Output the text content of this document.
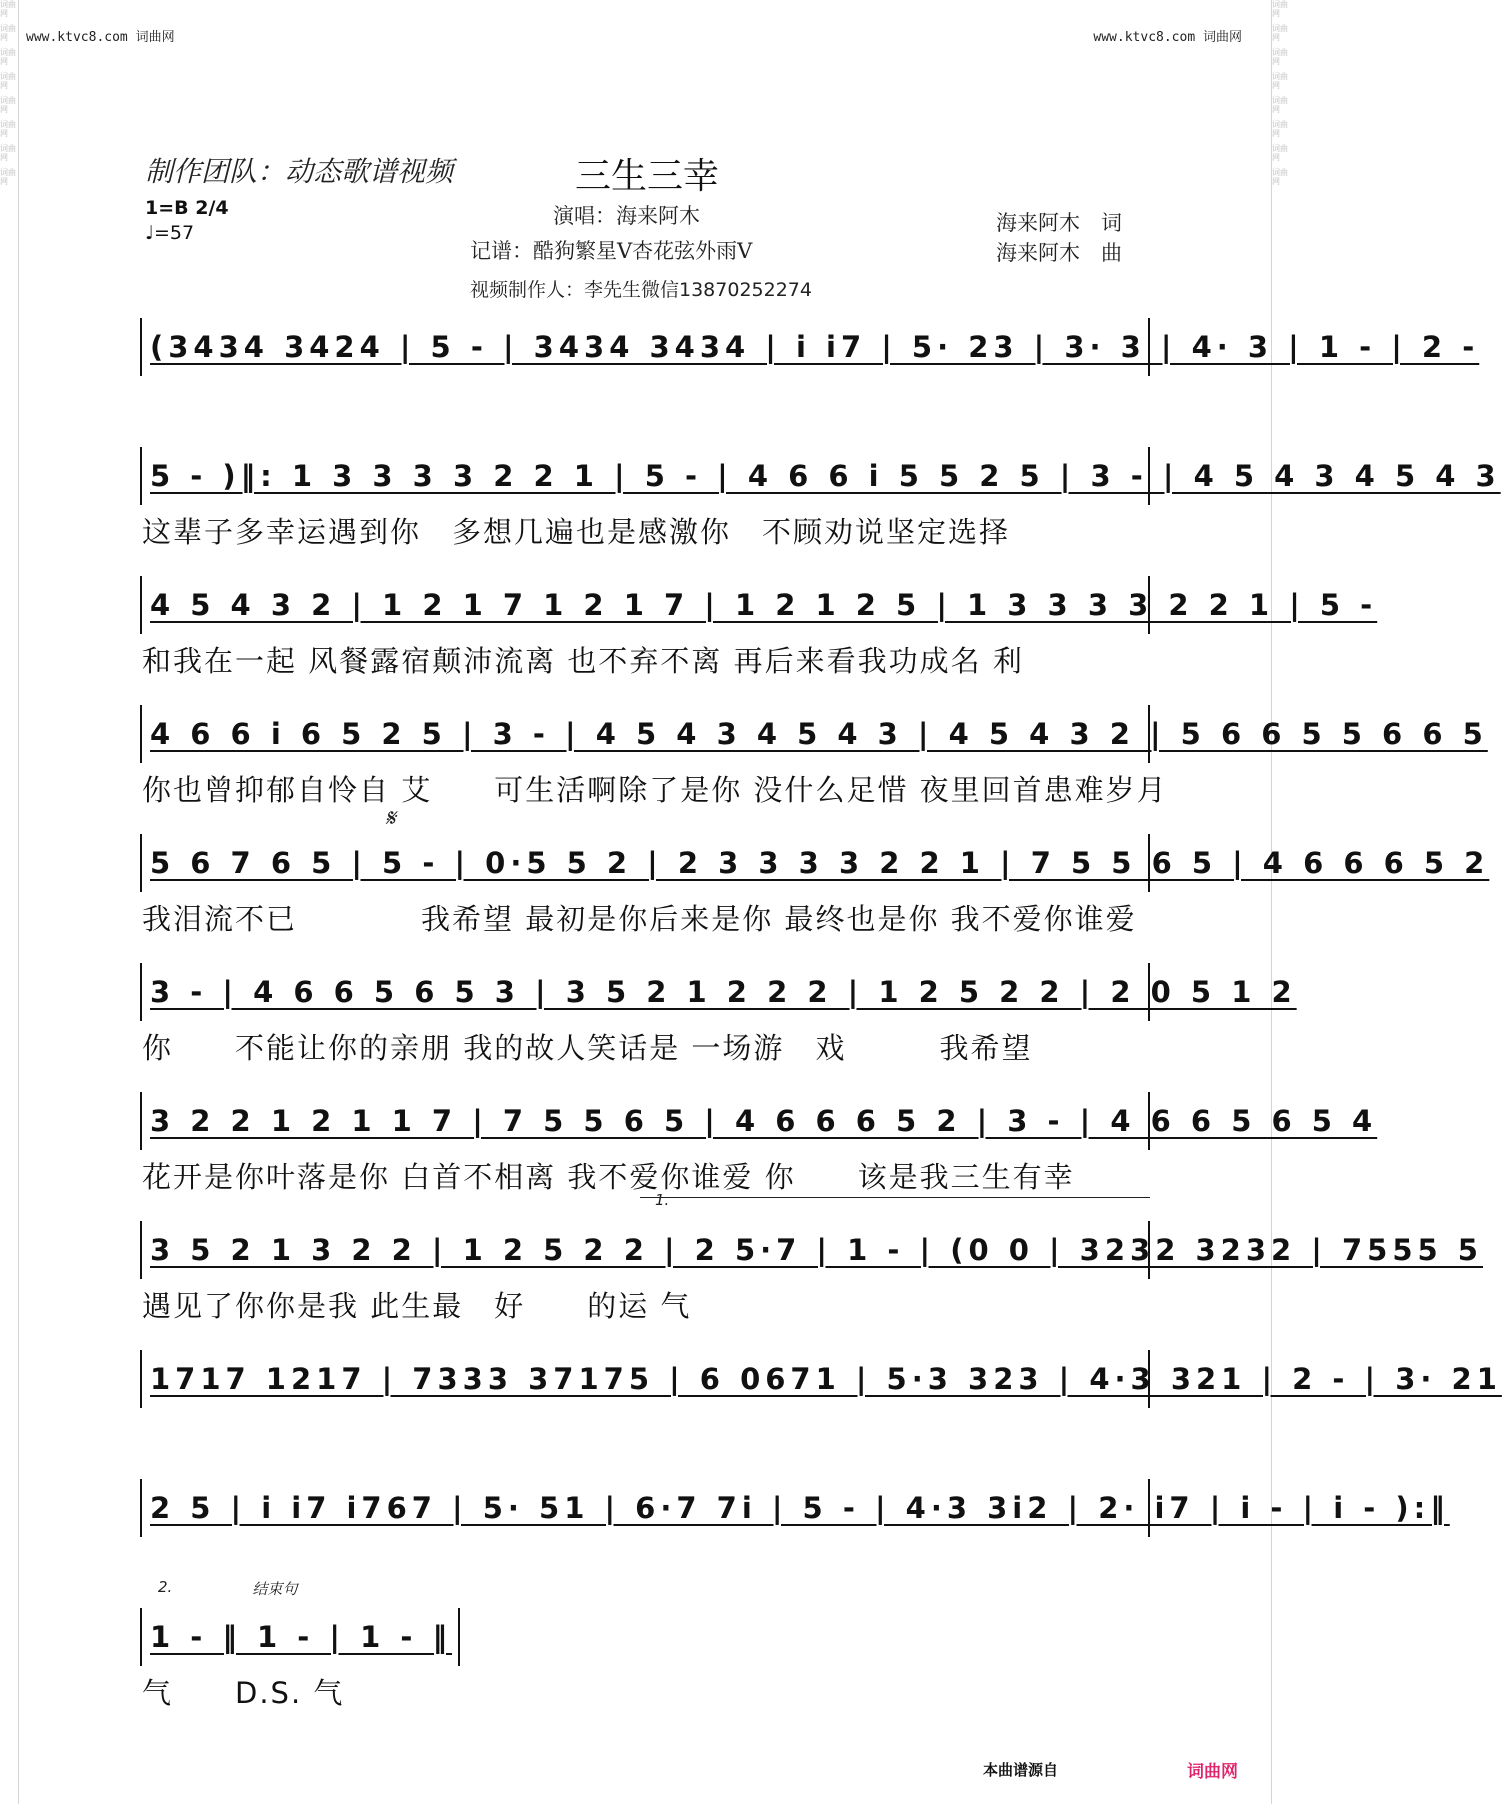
词曲网
词曲网
词曲网
词曲网
词曲网
词曲网
词曲网
词曲网
词曲网
词曲网
词曲网
词曲网
词曲网
词曲网
词曲网
词曲网
www.ktvc8.com 词曲网	www.ktvc8.com 词曲网
制作团队：动态歌谱视频	三生三幸
1=B 2/4
♩=57
演唱：海来阿木
记谱：酷狗繁星V杏花弦外雨V
视频制作人：李先生微信13870252274
海来阿木　词
海来阿木　曲
(3434 3424 | 5 - | 3434 3434 | i i7 | 5· 23 | 3· 3 | 4· 3 | 1 - | 2 -
5 - )‖: 1 3 3 3 3 2 2 1 | 5 - | 4 6 6 i 5 5 2 5 | 3 - | 4 5 4 3 4 5 4 3
这辈子多幸运遇到你　多想几遍也是感激你　不顾劝说坚定选择
4 5 4 3 2 | 1 2 1 7 1 2 1 7 | 1 2 1 2 5 | 1 3 3 3 3 2 2 1 | 5 -
和我在一起 风餐露宿颠沛流离 也不弃不离 再后来看我功成名 利
4 6 6 i 6 5 2 5 | 3 - | 4 5 4 3 4 5 4 3 | 4 5 4 3 2 | 5 6 6 5 5 6 6 5
你也曾抑郁自怜自 艾　　可生活啊除了是你 没什么足惜 夜里回首患难岁月
𝄋
5 6 7 6 5 | 5 - | 0·5 5 2 | 2 3 3 3 3 2 2 1 | 7 5 5 6 5 | 4 6 6 6 5 2
我泪流不已　　　　我希望 最初是你后来是你 最终也是你 我不爱你谁爱
3 - | 4 6 6 5 6 5 3 | 3 5 2 1 2 2 2 | 1 2 5 2 2 | 2 0 5 1 2
你　　不能让你的亲朋 我的故人笑话是 一场游　戏　　　我希望
3 2 2 1 2 1 1 7 | 7 5 5 6 5 | 4 6 6 6 5 2 | 3 - | 4 6 6 5 6 5 4
花开是你叶落是你 白首不相离 我不爱你谁爱 你　　该是我三生有幸
1.
3 5 2 1 3 2 2 | 1 2 5 2 2 | 2 5·7 | 1 - | (0 0 | 3232 3232 | 7555 5
遇见了你你是我 此生最　好　　的运 气
1717 1217 | 7333 37175 | 6 0671 | 5·3 323 | 4·3 321 | 2 - | 3· 21
2 5 | i i7 i767 | 5· 51 | 6·7 7i | 5 - | 4·3 3i2 | 2· i7 | i - | i - ):‖
2.	结束句
1 - ‖ 1 - | 1 - ‖
气　　D.S. 气
本曲谱源自	词曲网
